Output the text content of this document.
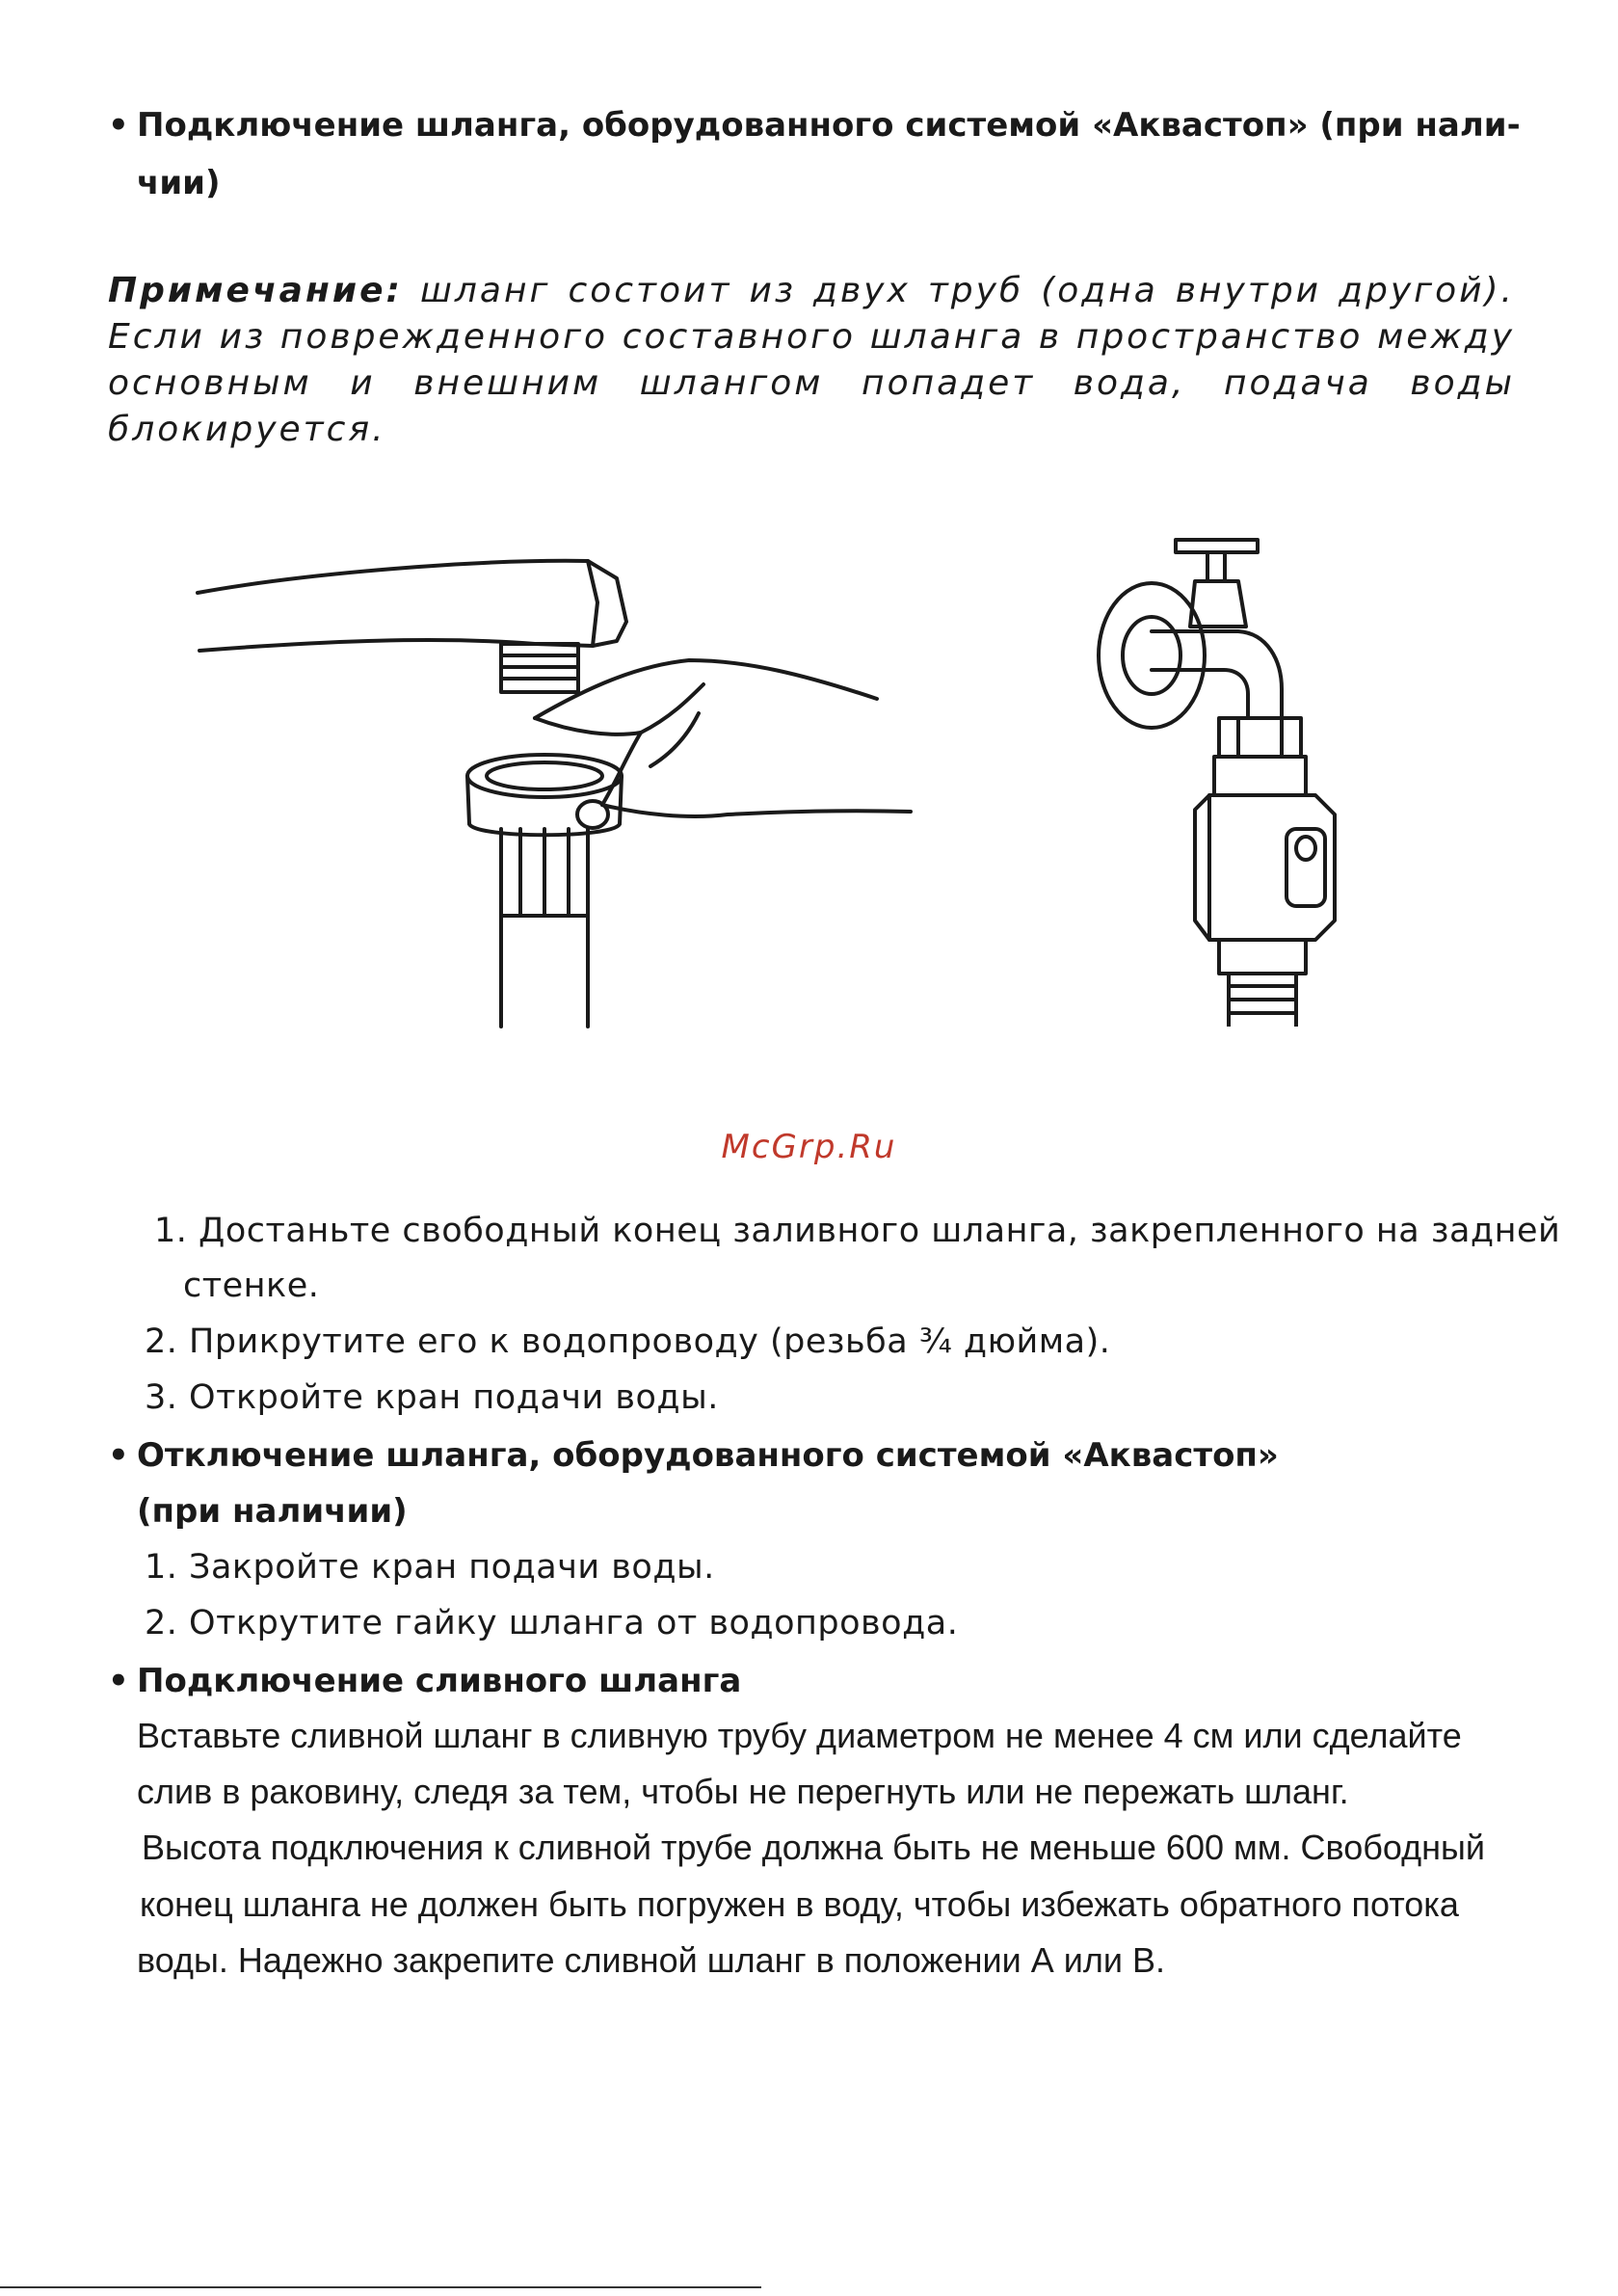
• Подключение шланга, оборудованного системой «Аквастоп» (при нали-
чии)
Примечание: шланг состоит из двух труб (одна внутри другой). Если из поврежденного составного шланга в пространство между основным и внешним шлангом попадет вода, подача воды блокируется.
McGrp.Ru
1. Достаньте свободный конец заливного шланга, закрепленного на задней
стенке.
2. Прикрутите его к водопроводу (резьба ¾ дюйма).
3. Откройте кран подачи воды.
• Отключение шланга, оборудованного системой «Аквастоп»
(при наличии)
1. Закройте кран подачи воды.
2. Открутите гайку шланга от водопровода.
• Подключение сливного шланга
Вставьте сливной шланг в сливную трубу диаметром не менее 4 см или сделайте
слив в раковину, следя за тем, чтобы не перегнуть или не пережать шланг.
Высота подключения к сливной трубе должна быть не меньше 600 мм. Свободный
конец шланга не должен быть погружен в воду, чтобы избежать обратного потока
воды. Надежно закрепите сливной шланг в положении А или В.
